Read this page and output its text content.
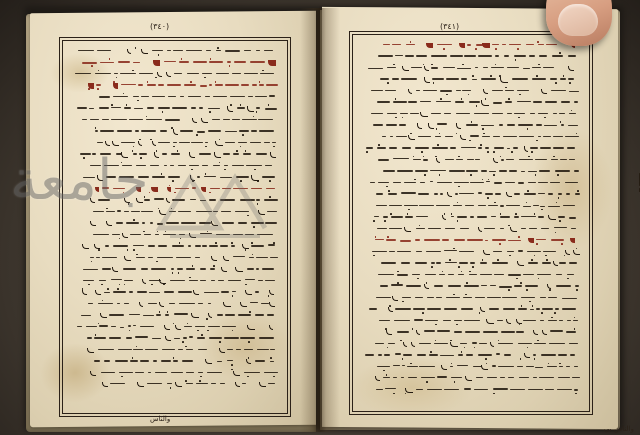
(٣٤٠)	(٣٤١)
والناس
والناس بي
جامعة
